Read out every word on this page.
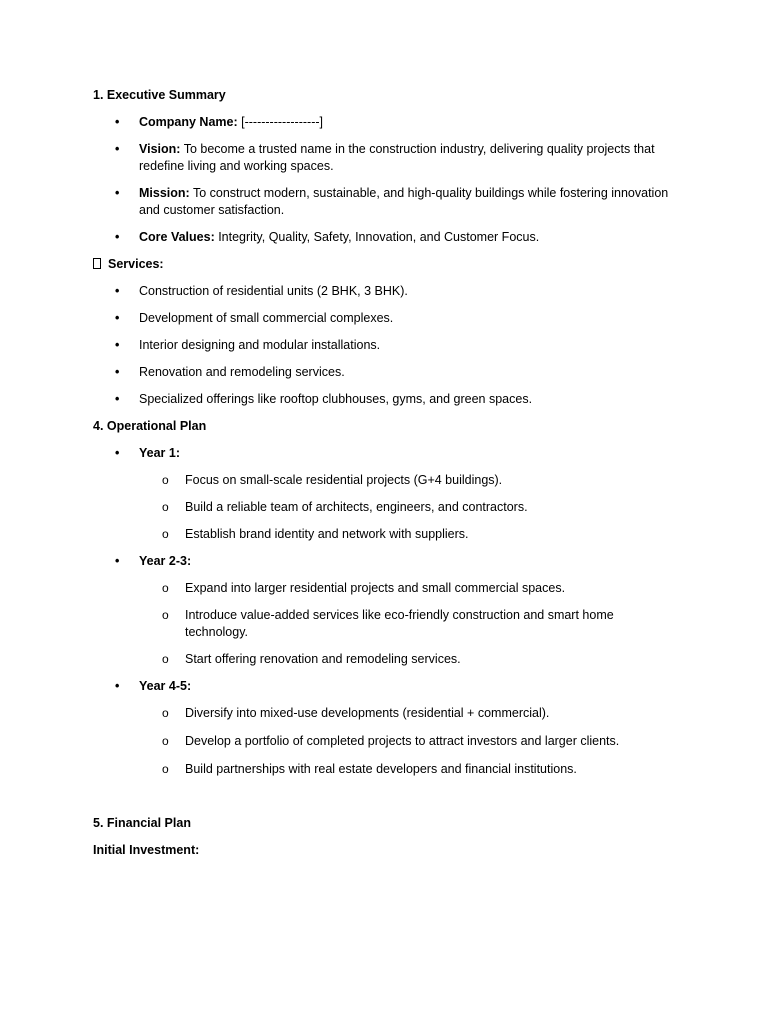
1. Executive Summary

• Company Name: [------------------]
• Vision: To become a trusted name in the construction industry, delivering quality projects that redefine living and working spaces.
• Mission: To construct modern, sustainable, and high-quality buildings while fostering innovation and customer satisfaction.
• Core Values: Integrity, Quality, Safety, Innovation, and Customer Focus.

Services:

• Construction of residential units (2 BHK, 3 BHK).
• Development of small commercial complexes.
• Interior designing and modular installations.
• Renovation and remodeling services.
• Specialized offerings like rooftop clubhouses, gyms, and green spaces.

4. Operational Plan

• Year 1:
o Focus on small-scale residential projects (G+4 buildings).
o Build a reliable team of architects, engineers, and contractors.
o Establish brand identity and network with suppliers.
• Year 2-3:
o Expand into larger residential projects and small commercial spaces.
o Introduce value-added services like eco-friendly construction and smart home technology.
o Start offering renovation and remodeling services.
• Year 4-5:
o Diversify into mixed-use developments (residential + commercial).
o Develop a portfolio of completed projects to attract investors and larger clients.
o Build partnerships with real estate developers and financial institutions.

5. Financial Plan

Initial Investment:
